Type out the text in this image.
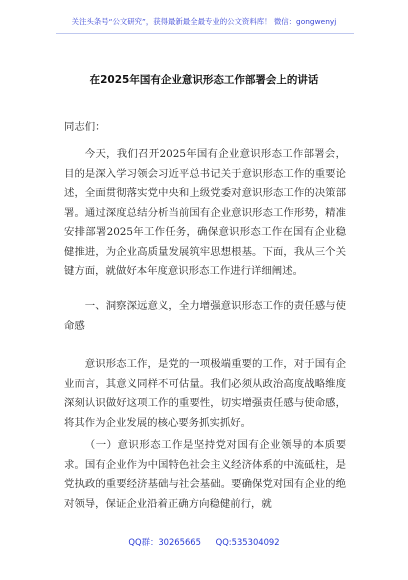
关注头条号“公文研究”，获得最新最全最专业的公文资料库！ 微信：gongwenyj
在2025年国有企业意识形态工作部署会上的讲话

同志们：

今天，我们召开2025年国有企业意识形态工作部署会，目的是深入学习领会习近平总书记关于意识形态工作的重要论述，全面贯彻落实党中央和上级党委对意识形态工作的决策部署。通过深度总结分析当前国有企业意识形态工作形势，精准安排部署2025年工作任务，确保意识形态工作在国有企业稳健推进，为企业高质量发展筑牢思想根基。下面，我从三个关键方面，就做好本年度意识形态工作进行详细阐述。

一、洞察深远意义，全力增强意识形态工作的责任感与使命感

意识形态工作，是党的一项极端重要的工作，对于国有企业而言，其意义同样不可估量。我们必须从政治高度战略维度深刻认识做好这项工作的重要性，切实增强责任感与使命感，将其作为企业发展的核心要务抓实抓好。

（一）意识形态工作是坚持党对国有企业领导的本质要求。国有企业作为中国特色社会主义经济体系的中流砥柱，是党执政的重要经济基础与社会基础。要确保党对国有企业的绝对领导，保证企业沿着正确方向稳健前行，就

QQ群：30265665 QQ:535304092
